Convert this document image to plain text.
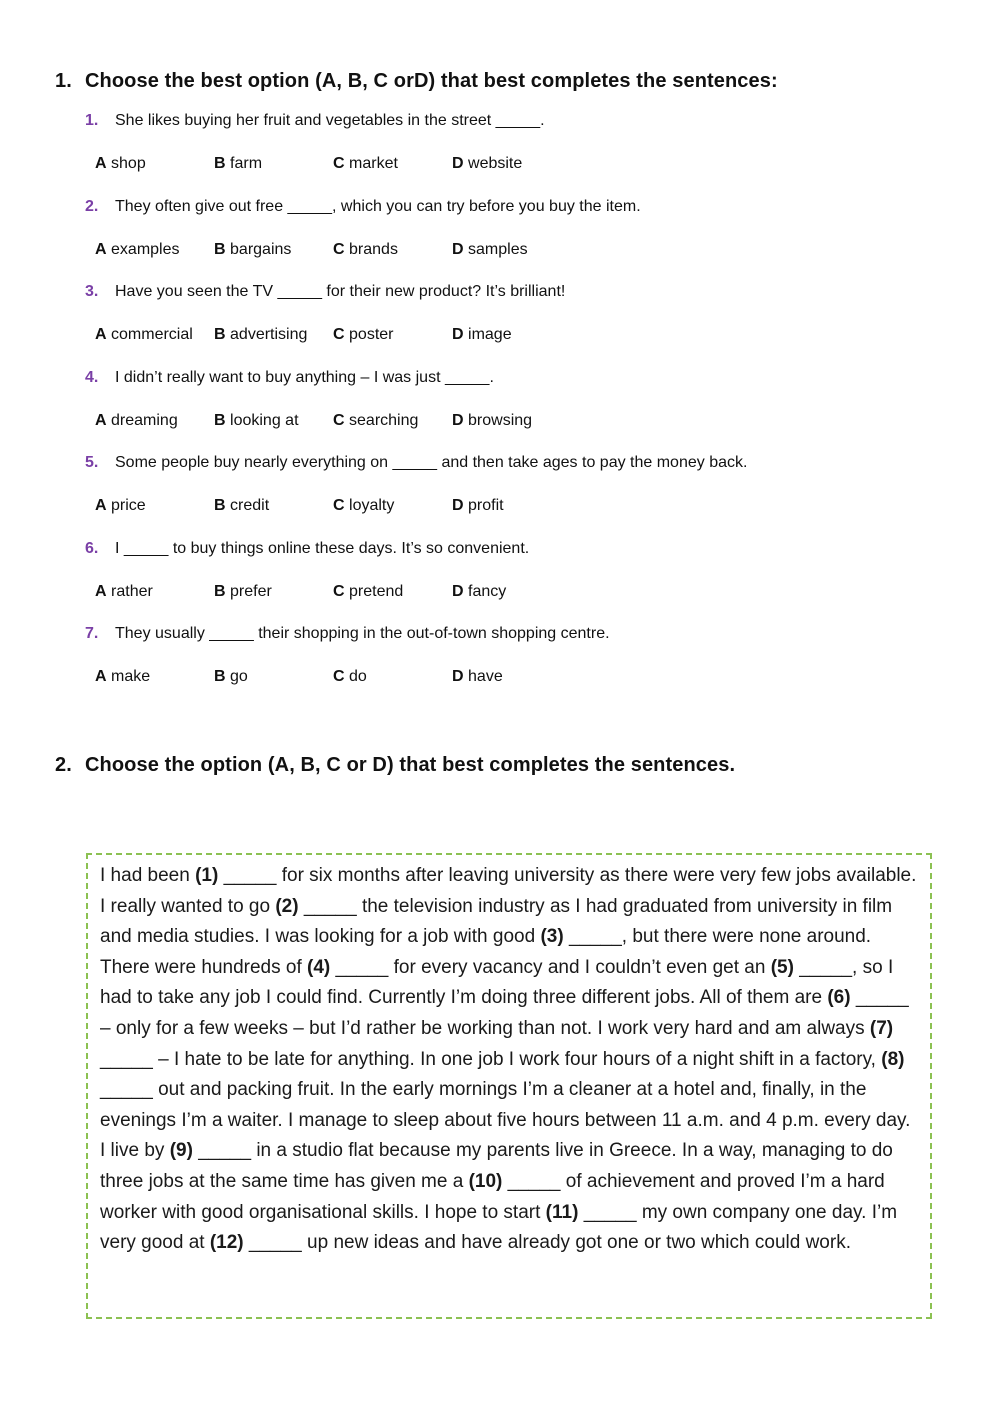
1. Choose the best option (A, B, C orD) that best completes the sentences:
1. She likes buying her fruit and vegetables in the street _____.
A shop	B farm	C market	D website
2. They often give out free _____, which you can try before you buy the item.
A examples B bargains	C brands	D samples
3. Have you seen the TV _____ for their new product? It’s brilliant!
A commercial B advertising C poster	D image
4. I didn’t really want to buy anything – I was just _____.
A dreaming B looking at C searching D browsing
5. Some people buy nearly everything on _____ and then take ages to pay the money back.
A price	B credit	C loyalty	D profit
6. I _____ to buy things online these days. It’s so convenient.
A rather	B prefer	C pretend	D fancy
7. They usually _____ their shopping in the out-of-town shopping centre.
A make	B go	C do	D have
2. Choose the option (A, B, C or D) that best completes the sentences.

I had been (1) _____ for six months after leaving university as there were very few jobs available. I really wanted to go (2) _____ the television industry as I had graduated from university in film and media studies. I was looking for a job with good (3) _____, but there were none around. There were hundreds of (4) _____ for every vacancy and I couldn’t even get an (5) _____, so I had to take any job I could find. Currently I’m doing three different jobs. All of them are (6) _____ – only for a few weeks – but I’d rather be working than not. I work very hard and am always (7) _____ – I hate to be late for anything. In one job I work four hours of a night shift in a factory, (8) _____ out and packing fruit. In the early mornings I’m a cleaner at a hotel and, finally, in the evenings I’m a waiter. I manage to sleep about five hours between 11 a.m. and 4 p.m. every day. I live by (9) _____ in a studio flat because my parents live in Greece. In a way, managing to do three jobs at the same time has given me a (10) _____ of achievement and proved I’m a hard worker with good organisational skills. I hope to start (11) _____ my own company one day. I’m very good at (12) _____ up new ideas and have already got one or two which could work.
